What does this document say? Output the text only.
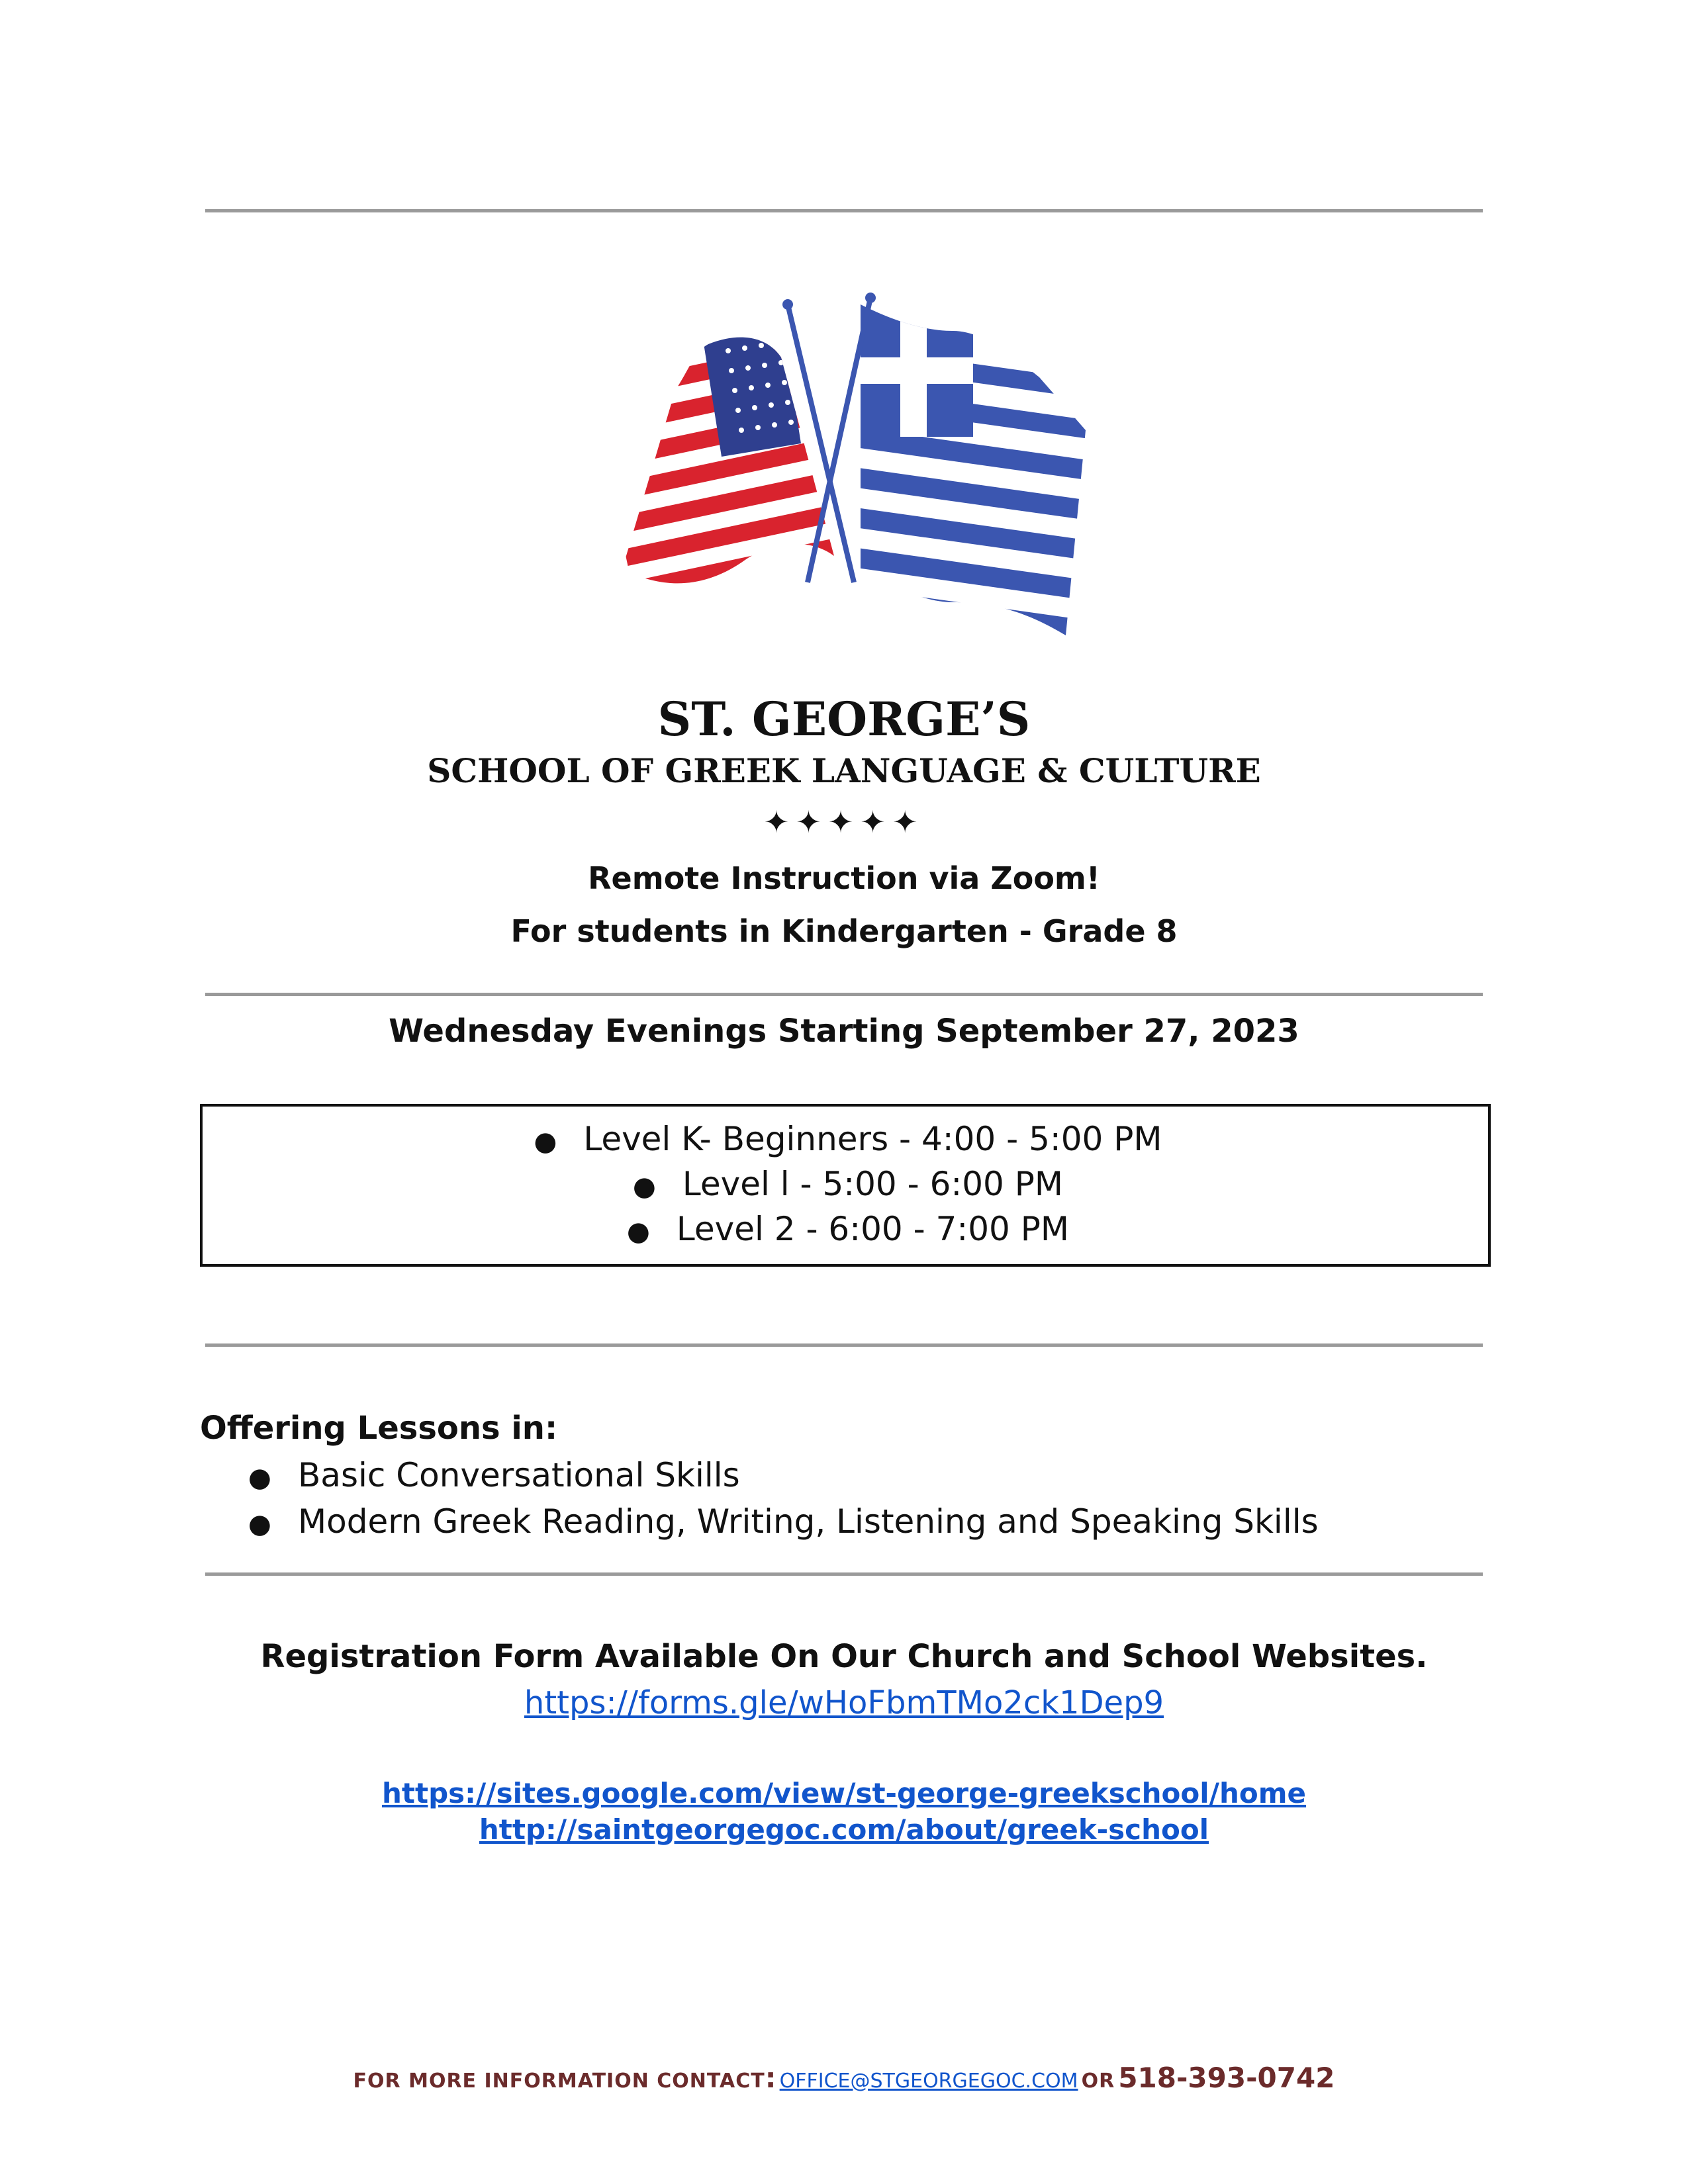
ST. GEORGE’S
SCHOOL OF GREEK LANGUAGE & CULTURE
✦✦✦✦✦
Remote Instruction via Zoom!
For students in Kindergarten - Grade 8
Wednesday Evenings Starting September 27, 2023
● Level K- Beginners - 4:00 - 5:00 PM
● Level l - 5:00 - 6:00 PM
● Level 2 - 6:00 - 7:00 PM
Offering Lessons in:
● Basic Conversational Skills
● Modern Greek Reading, Writing, Listening and Speaking Skills
Registration Form Available On Our Church and School Websites.
https://forms.gle/wHoFbmTMo2ck1Dep9
https://sites.google.com/view/st-george-greekschool/home
http://saintgeorgegoc.com/about/greek-school
FOR MORE INFORMATION CONTACT: OFFICE@STGEORGEGOC.COM OR 518-393-0742
